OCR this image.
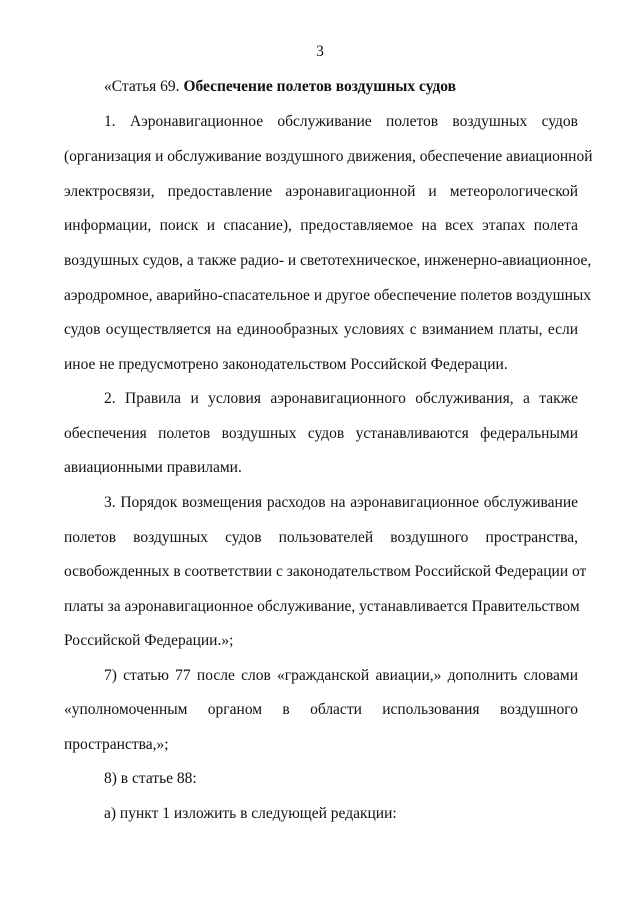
3
«Статья 69. Обеспечение полетов воздушных судов
1. Аэронавигационное обслуживание полетов воздушных судов
(организация и обслуживание воздушного движения, обеспечение авиационной
электросвязи, предоставление аэронавигационной и метеорологической
информации, поиск и спасание), предоставляемое на всех этапах полета
воздушных судов, а также радио- и светотехническое, инженерно-авиационное,
аэродромное, аварийно-спасательное и другое обеспечение полетов воздушных
судов осуществляется на единообразных условиях с взиманием платы, если
иное не предусмотрено законодательством Российской Федерации.
2. Правила и условия аэронавигационного обслуживания, а также
обеспечения полетов воздушных судов устанавливаются федеральными
авиационными правилами.
3. Порядок возмещения расходов на аэронавигационное обслуживание
полетов воздушных судов пользователей воздушного пространства,
освобожденных в соответствии с законодательством Российской Федерации от
платы за аэронавигационное обслуживание, устанавливается Правительством
Российской Федерации.»;
7) статью 77 после слов «гражданской авиации,» дополнить словами
«уполномоченным органом в области использования воздушного
пространства,»;
8) в статье 88:
а) пункт 1 изложить в следующей редакции:
